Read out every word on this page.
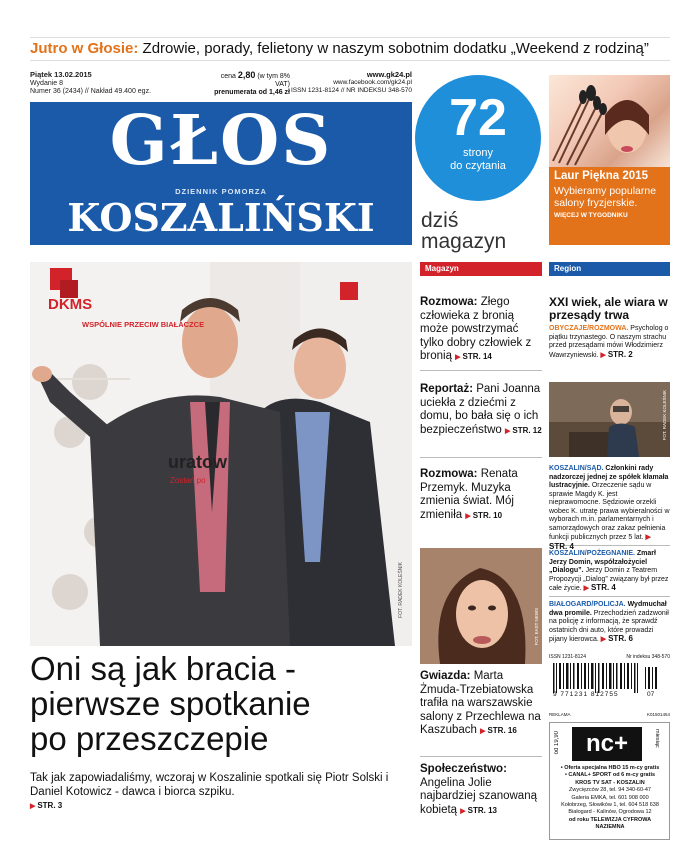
Jutro w Głosie: Zdrowie, porady, felietony w naszym sobotnim dodatku „Weekend z rodziną”
Piątek 13.02.2015
Wydanie 8
Numer 36 (2434) // Nakład 49.400 egz.
cena 2,80 (w tym 8% VAT)
prenumerata od 1,46 zł
www.gk24.pl
www.facebook.com/gk24.pl
ISSN 1231-8124 // NR INDEKSU 348-570
GŁOS
DZIENNIK POMORZA
KOSZALIŃSKI
72
strony
do czytania
dziś
magazyn
Laur Piękna 2015
Wybieramy popularne salony fryzjerskie.
WIĘCEJ W TYGODNIKU
DKMS
WSPÓLNIE PRZECIW BIAŁACZCE
uratow
Zostań po
FOT. RADEK KOLEŚNIK
Oni są jak bracia -
pierwsze spotkanie
po przeszczepie
Tak jak zapowiadaliśmy, wczoraj w Koszalinie spotkali się Piotr Solski i Daniel Kotowicz - dawca i biorca szpiku.
▶ STR. 3
Magazyn
Rozmowa: Złego człowieka z bronią może powstrzymać tylko dobry człowiek z bronią ▶ STR. 14
Reportaż: Pani Joanna uciekła z dziećmi z domu, bo bała się o ich bezpieczeństwo ▶ STR. 12
Rozmowa: Renata Przemyk. Muzyka zmienia świat. Mój zmieniła ▶ STR. 10
FOT. EAST NEWS
Gwiazda: Marta Żmuda-Trzebiatowska trafiła na warszawskie salony z Przechlewa na Kaszubach ▶ STR. 16
Społeczeństwo: Angelina Jolie najbardziej szanowaną kobietą ▶ STR. 13
Region
XXI wiek, ale wiara w przesądy trwa
OBYCZAJE/ROZMOWA. Psycholog o piątku trzynastego. O naszym strachu przed przesądami mówi Włodzimierz Wawrzyniewski. ▶ STR. 2
FOT. RADEK KOLEŚNIK
KOSZALIN/SĄD. Członkini rady nadzorczej jednej ze spółek kłamała lustracyjnie. Orzeczenie sądu w sprawie Magdy K. jest nieprawomocne. Sędziowie orzekli wobec K. utratę prawa wybieralności w wyborach m.in. parlamentarnych i samorządowych oraz zakaz pełnienia funkcji publicznych przez 5 lat. ▶ STR. 4
KOSZALIN/POŻEGNANIE. Zmarł Jerzy Domin, współzałożyciel „Dialogu”. Jerzy Domin z Teatrem Propozycji „Dialog” związany był przez całe życie. ▶ STR. 4
BIAŁOGARD/POLICJA. Wydmuchał dwa promile. Przechodzień zadzwonił na policję z informacją, że sprawdź ostatnich dni auto, które prowadzi pijany kierowca. ▶ STR. 6
ISSN 1231-8124	Nr indeksu 348-570
9 771231 812755	07
REKLAMA	K01501454
od 19,90	nc+	miesiąc
• Oferta specjalna HBO 15 m-cy gratis
• CANAL+ SPORT od 6 m-cy gratis
KROS TV SAT - KOSZALIN
Zwycięzców 28, tel. 94 340-60-47
Galeria EMKA, tel. 601 908 000
Kołobrzeg, Słowików 1, tel. 604 518 638
Białogard - Kalinów, Ogrodowa 12
od roku TELEWIZJA CYFROWA NAZIEMNA
